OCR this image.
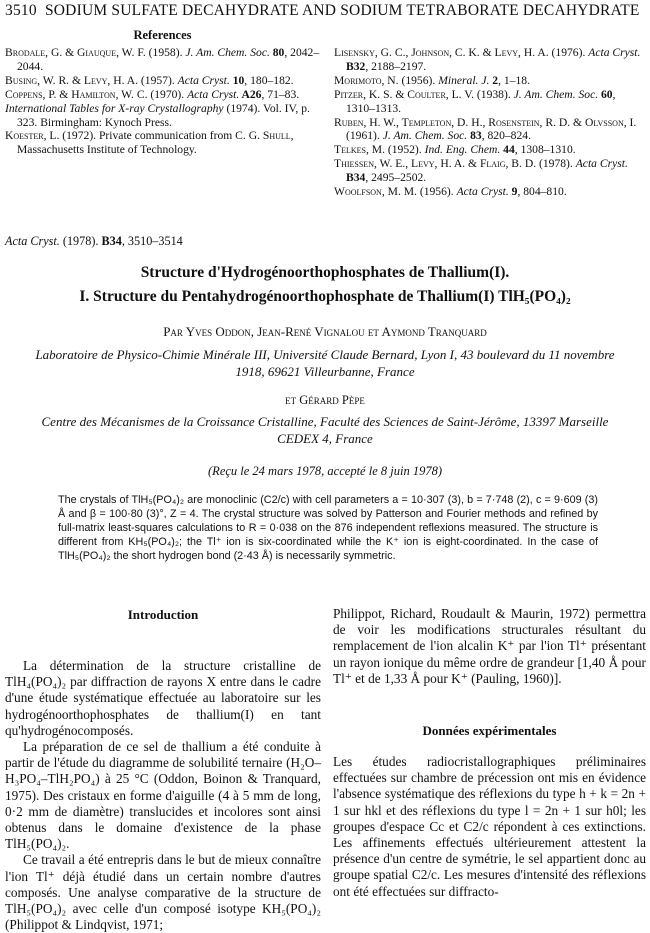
3510 SODIUM SULFATE DECAHYDRATE AND SODIUM TETRABORATE DECAHYDRATE
References

Brodale, G. & Giauque, W. F. (1958). J. Am. Chem. Soc. 80, 2042–2044.

Busing, W. R. & Levy, H. A. (1957). Acta Cryst. 10, 180–182.

Coppens, P. & Hamilton, W. C. (1970). Acta Cryst. A26, 71–83.

International Tables for X-ray Crystallography (1974). Vol. IV, p. 323. Birmingham: Kynoch Press.

Koester, L. (1972). Private communication from C. G. Shull, Massachusetts Institute of Technology.

Lisensky, G. C., Johnson, C. K. & Levy, H. A. (1976). Acta Cryst. B32, 2188–2197.

Morimoto, N. (1956). Mineral. J. 2, 1–18.

Pitzer, K. S. & Coulter, L. V. (1938). J. Am. Chem. Soc. 60, 1310–1313.

Ruben, H. W., Templeton, D. H., Rosenstein, R. D. & Olvsson, I. (1961). J. Am. Chem. Soc. 83, 820–824.

Telkes, M. (1952). Ind. Eng. Chem. 44, 1308–1310.

Thiessen, W. E., Levy, H. A. & Flaig, B. D. (1978). Acta Cryst. B34, 2495–2502.

Woolfson, M. M. (1956). Acta Cryst. 9, 804–810.

Acta Cryst. (1978). B34, 3510–3514
Structure d'Hydrogénoorthophosphates de Thallium(I).
I. Structure du Pentahydrogénoorthophosphate de Thallium(I) TlH₅(PO₄)₂
Par Yves Oddon, Jean-René Vignalou et Aymond Tranquard
Laboratoire de Physico-Chimie Minérale III, Université Claude Bernard, Lyon I, 43 boulevard du 11 novembre 1918, 69621 Villeurbanne, France
et Gérard Pèpe
Centre des Mécanismes de la Croissance Cristalline, Faculté des Sciences de Saint-Jérôme, 13397 Marseille CEDEX 4, France
(Reçu le 24 mars 1978, accepté le 8 juin 1978)
The crystals of TlH₅(PO₄)₂ are monoclinic (C2/c) with cell parameters a = 10·307 (3), b = 7·748 (2), c = 9·609 (3) Å and β = 100·80 (3)°, Z = 4. The crystal structure was solved by Patterson and Fourier methods and refined by full-matrix least-squares calculations to R = 0·038 on the 876 independent reflexions measured. The structure is different from KH₅(PO₄)₂; the Tl⁺ ion is six-coordinated while the K⁺ ion is eight-coordinated. In the case of TlH₅(PO₄)₂ the short hydrogen bond (2·43 Å) is necessarily symmetric.
Introduction

La détermination de la structure cristalline de TlH₄(PO₄)₂ par diffraction de rayons X entre dans le cadre d'une étude systématique effectuée au laboratoire sur les hydrogénoorthophosphates de thallium(I) en tant qu'hydrogénocomposés.

La préparation de ce sel de thallium a été conduite à partir de l'étude du diagramme de solubilité ternaire (H₂O–H₃PO₄–TlH₂PO₄) à 25 °C (Oddon, Boinon & Tranquard, 1975). Des cristaux en forme d'aiguille (4 à 5 mm de long, 0·2 mm de diamètre) translucides et incolores sont ainsi obtenus dans le domaine d'existence de la phase TlH₅(PO₄)₂.

Ce travail a été entrepris dans le but de mieux connaître l'ion Tl⁺ déjà étudié dans un certain nombre d'autres composés. Une analyse comparative de la structure de TlH₅(PO₄)₂ avec celle d'un composé isotype KH₅(PO₄)₂ (Philippot & Lindqvist, 1971;

Philippot, Richard, Roudault & Maurin, 1972) permettra de voir les modifications structurales résultant du remplacement de l'ion alcalin K⁺ par l'ion Tl⁺ présentant un rayon ionique du même ordre de grandeur [1,40 Å pour Tl⁺ et de 1,33 Å pour K⁺ (Pauling, 1960)].

Données expérimentales

Les études radiocristallographiques préliminaires effectuées sur chambre de précession ont mis en évidence l'absence systématique des réflexions du type h + k = 2n + 1 sur hkl et des réflexions du type l = 2n + 1 sur h0l; les groupes d'espace Cc et C2/c répondent à ces extinctions. Les affinements effectués ultérieurement attestent la présence d'un centre de symétrie, le sel appartient donc au groupe spatial C2/c. Les mesures d'intensité des réflexions ont été effectuées sur diffracto-
